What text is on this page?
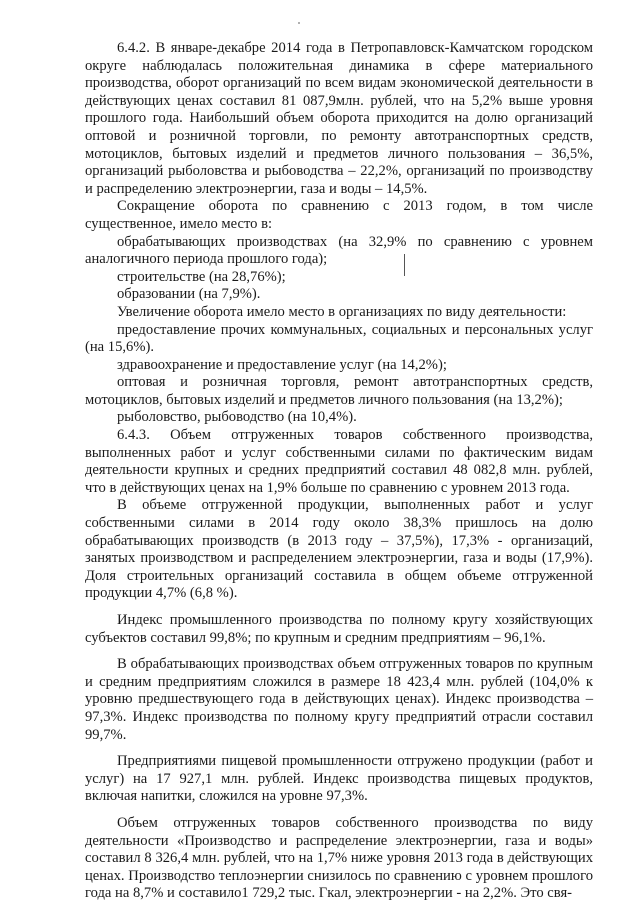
6.4.2. В январе-декабре 2014 года в Петропавловск-Камчатском городском округе наблюдалась положительная динамика в сфере материального производства, оборот организаций по всем видам экономической деятельности в действующих ценах составил 81 087,9млн. рублей, что на 5,2% выше уровня прошлого года. Наибольший объем оборота приходится на долю организаций оптовой и розничной торговли, по ремонту автотранспортных средств, мотоциклов, бытовых изделий и предметов личного пользования – 36,5%, организаций рыболовства и рыбоводства – 22,2%, организаций по производству и распределению электроэнергии, газа и воды – 14,5%.

Сокращение оборота по сравнению с 2013 годом, в том числе существенное, имело место в:

обрабатывающих производствах (на 32,9% по сравнению с уровнем аналогичного периода прошлого года);

строительстве (на 28,76%);

образовании (на 7,9%).

Увеличение оборота имело место в организациях по виду деятельности:

предоставление прочих коммунальных, социальных и персональных услуг (на 15,6%).

здравоохранение и предоставление услуг (на 14,2%);

оптовая и розничная торговля, ремонт автотранспортных средств, мотоциклов, бытовых изделий и предметов личного пользования (на 13,2%);

рыболовство, рыбоводство (на 10,4%).

6.4.3. Объем отгруженных товаров собственного производства, выполненных работ и услуг собственными силами по фактическим видам деятельности крупных и средних предприятий составил 48 082,8 млн. рублей, что в действующих ценах на 1,9% больше по сравнению с уровнем 2013 года.

В объеме отгруженной продукции, выполненных работ и услуг собственными силами в 2014 году около 38,3% пришлось на долю обрабатывающих производств (в 2013 году – 37,5%), 17,3% - организаций, занятых производством и распределением электроэнергии, газа и воды (17,9%). Доля строительных организаций составила в общем объеме отгруженной продукции 4,7% (6,8 %).

Индекс промышленного производства по полному кругу хозяйствующих субъектов составил 99,8%; по крупным и средним предприятиям – 96,1%.

В обрабатывающих производствах объем отгруженных товаров по крупным и средним предприятиям сложился в размере 18 423,4 млн. рублей (104,0% к уровню предшествующего года в действующих ценах). Индекс производства – 97,3%. Индекс производства по полному кругу предприятий отрасли составил 99,7%.

Предприятиями пищевой промышленности отгружено продукции (работ и услуг) на 17 927,1 млн. рублей. Индекс производства пищевых продуктов, включая напитки, сложился на уровне 97,3%.

Объем отгруженных товаров собственного производства по виду деятельности «Производство и распределение электроэнергии, газа и воды» составил 8 326,4 млн. рублей, что на 1,7% ниже уровня 2013 года в действующих ценах. Производство теплоэнергии снизилось по сравнению с уровнем прошлого года на 8,7% и составило1 729,2 тыс. Гкал, электроэнергии - на 2,2%. Это свя-
